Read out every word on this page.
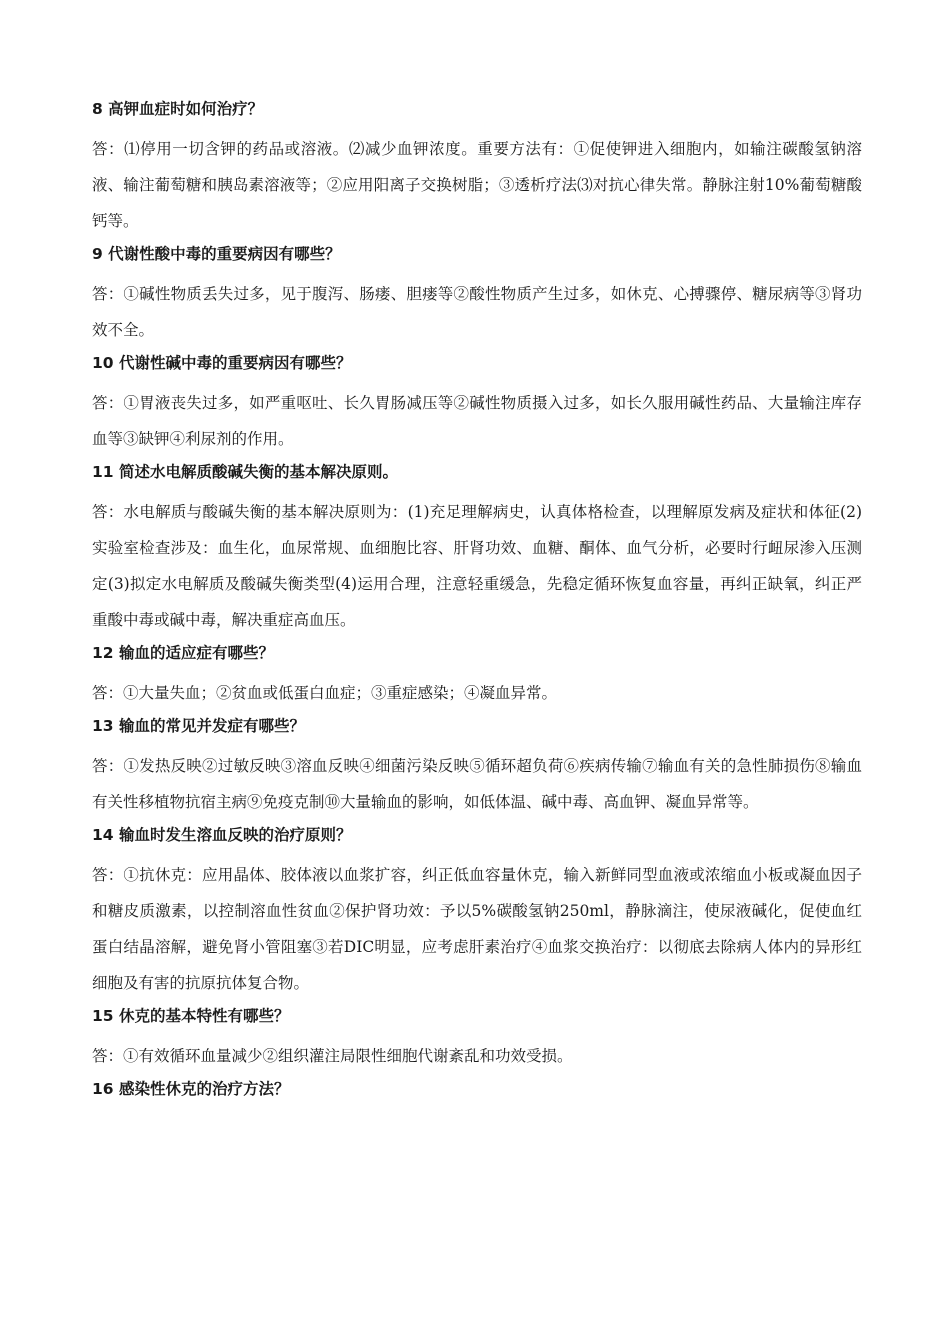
8 高钾血症时如何治疗？
答：⑴停用一切含钾的药品或溶液。⑵减少血钾浓度。重要方法有：①促使钾进入细胞内，如输注碳酸氢钠溶液、输注葡萄糖和胰岛素溶液等；②应用阳离子交换树脂；③透析疗法⑶对抗心律失常。静脉注射10%葡萄糖酸钙等。
9 代谢性酸中毒的重要病因有哪些？
答：①碱性物质丢失过多，见于腹泻、肠瘘、胆瘘等②酸性物质产生过多，如休克、心搏骤停、糖尿病等③肾功效不全。
10 代谢性碱中毒的重要病因有哪些？
答：①胃液丧失过多，如严重呕吐、长久胃肠减压等②碱性物质摄入过多，如长久服用碱性药品、大量输注库存血等③缺钾④利尿剂的作用。
11 简述水电解质酸碱失衡的基本解决原则。
答：水电解质与酸碱失衡的基本解决原则为：(1)充足理解病史，认真体格检查，以理解原发病及症状和体征(2)实验室检查涉及：血生化，血尿常规、血细胞比容、肝肾功效、血糖、酮体、血气分析，必要时行衄尿渗入压测定(3)拟定水电解质及酸碱失衡类型(4)运用合理，注意轻重缓急，先稳定循环恢复血容量，再纠正缺氧，纠正严重酸中毒或碱中毒，解决重症高血压。
12 输血的适应症有哪些？
答：①大量失血；②贫血或低蛋白血症；③重症感染；④凝血异常。
13 输血的常见并发症有哪些？
答：①发热反映②过敏反映③溶血反映④细菌污染反映⑤循环超负荷⑥疾病传输⑦输血有关的急性肺损伤⑧输血有关性移植物抗宿主病⑨免疫克制⑩大量输血的影响，如低体温、碱中毒、高血钾、凝血异常等。
14 输血时发生溶血反映的治疗原则？
答：①抗休克：应用晶体、胶体液以血浆扩容，纠正低血容量休克，输入新鲜同型血液或浓缩血小板或凝血因子和糖皮质激素，以控制溶血性贫血②保护肾功效：予以5%碳酸氢钠250ml，静脉滴注，使尿液碱化，促使血红蛋白结晶溶解，避免肾小管阻塞③若DIC明显，应考虑肝素治疗④血浆交换治疗：以彻底去除病人体内的异形红细胞及有害的抗原抗体复合物。
15 休克的基本特性有哪些？
答：①有效循环血量减少②组织灌注局限性细胞代谢紊乱和功效受损。
16 感染性休克的治疗方法？
